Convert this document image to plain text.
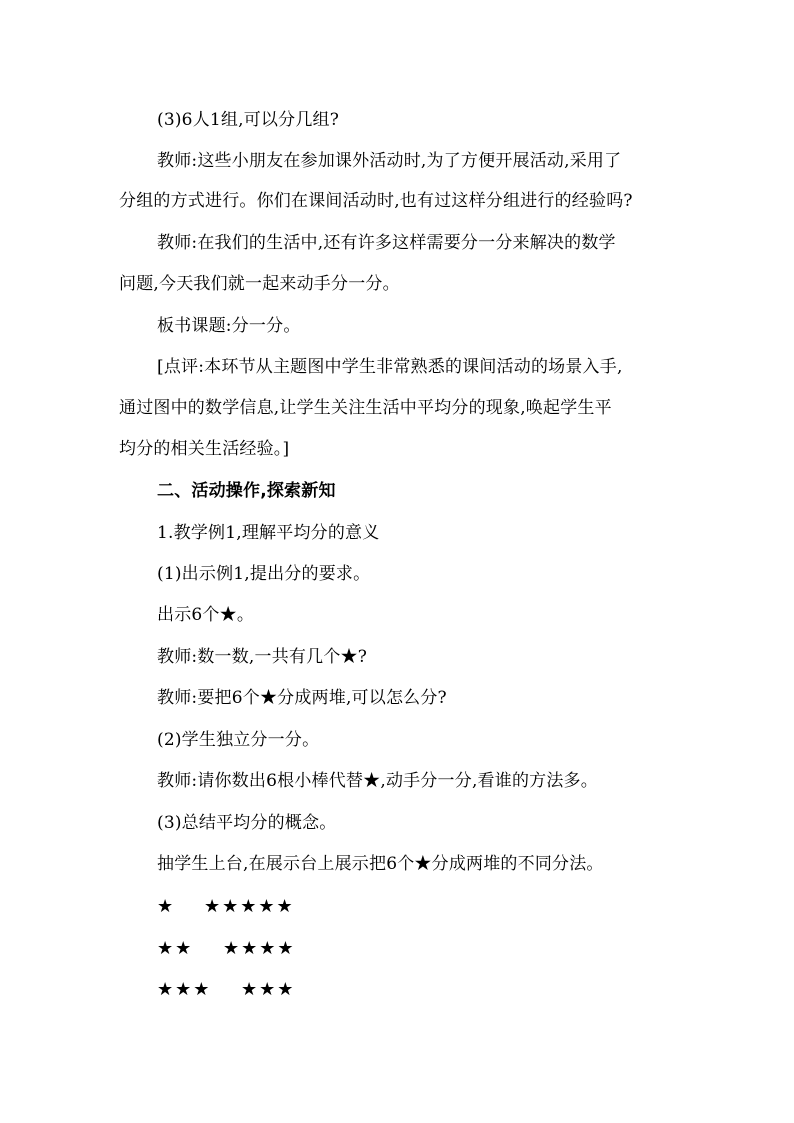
(3)6人1组,可以分几组?
教师:这些小朋友在参加课外活动时,为了方便开展活动,采用了
分组的方式进行。你们在课间活动时,也有过这样分组进行的经验吗?
教师:在我们的生活中,还有许多这样需要分一分来解决的数学
问题,今天我们就一起来动手分一分。
板书课题:分一分。
[点评:本环节从主题图中学生非常熟悉的课间活动的场景入手,
通过图中的数学信息,让学生关注生活中平均分的现象,唤起学生平
均分的相关生活经验。]
二、活动操作,探索新知
1.教学例1,理解平均分的意义
(1)出示例1,提出分的要求。
出示6个★。
教师:数一数,一共有几个★?
教师:要把6个★分成两堆,可以怎么分?
(2)学生独立分一分。
教师:请你数出6根小棒代替★,动手分一分,看谁的方法多。
(3)总结平均分的概念。
抽学生上台,在展示台上展示把6个★分成两堆的不同分法。
★ ★★★★★
★★ ★★★★
★★★ ★★★
